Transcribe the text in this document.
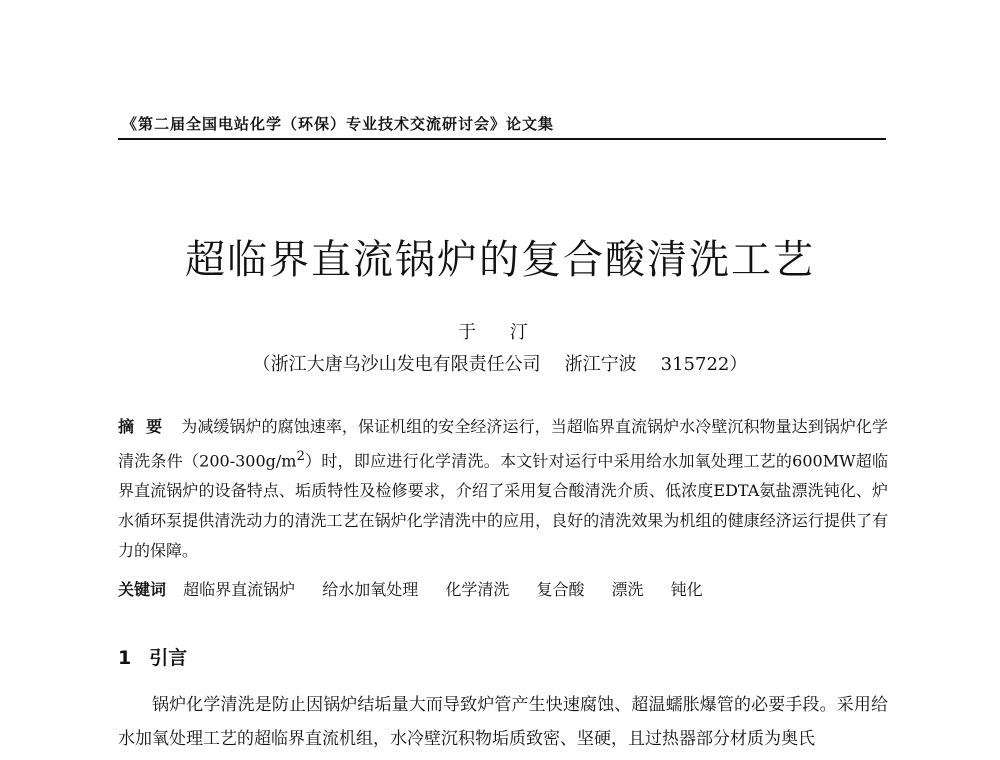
《第二届全国电站化学（环保）专业技术交流研讨会》论文集
超临界直流锅炉的复合酸清洗工艺
于 汀
（浙江大唐乌沙山发电有限责任公司 浙江宁波 315722）
摘要 为减缓锅炉的腐蚀速率，保证机组的安全经济运行，当超临界直流锅炉水冷壁沉积物量达到锅炉化学清洗条件$(200-300g/m^2)$时，即应进行化学清洗。本文针对运行中采用给水加氧处理工艺的600MW超临界直流锅炉的设备特点、垢质特性及检修要求，介绍了采用复合酸清洗介质、低浓度EDTA氨盐漂洗钝化、炉水循环泵提供清洗动力的清洗工艺在锅炉化学清洗中的应用，良好的清洗效果为机组的健康经济运行提供了有力的保障。
关键词 超临界直流锅炉 给水加氧处理 化学清洗 复合酸 漂洗 钝化
1 引言

锅炉化学清洗是防止因锅炉结垢量大而导致炉管产生快速腐蚀、超温蠕胀爆管的必要手段。采用给水加氧处理工艺的超临界直流机组，水冷壁沉积物垢质致密、坚硬，且过热器部分材质为奥氏
